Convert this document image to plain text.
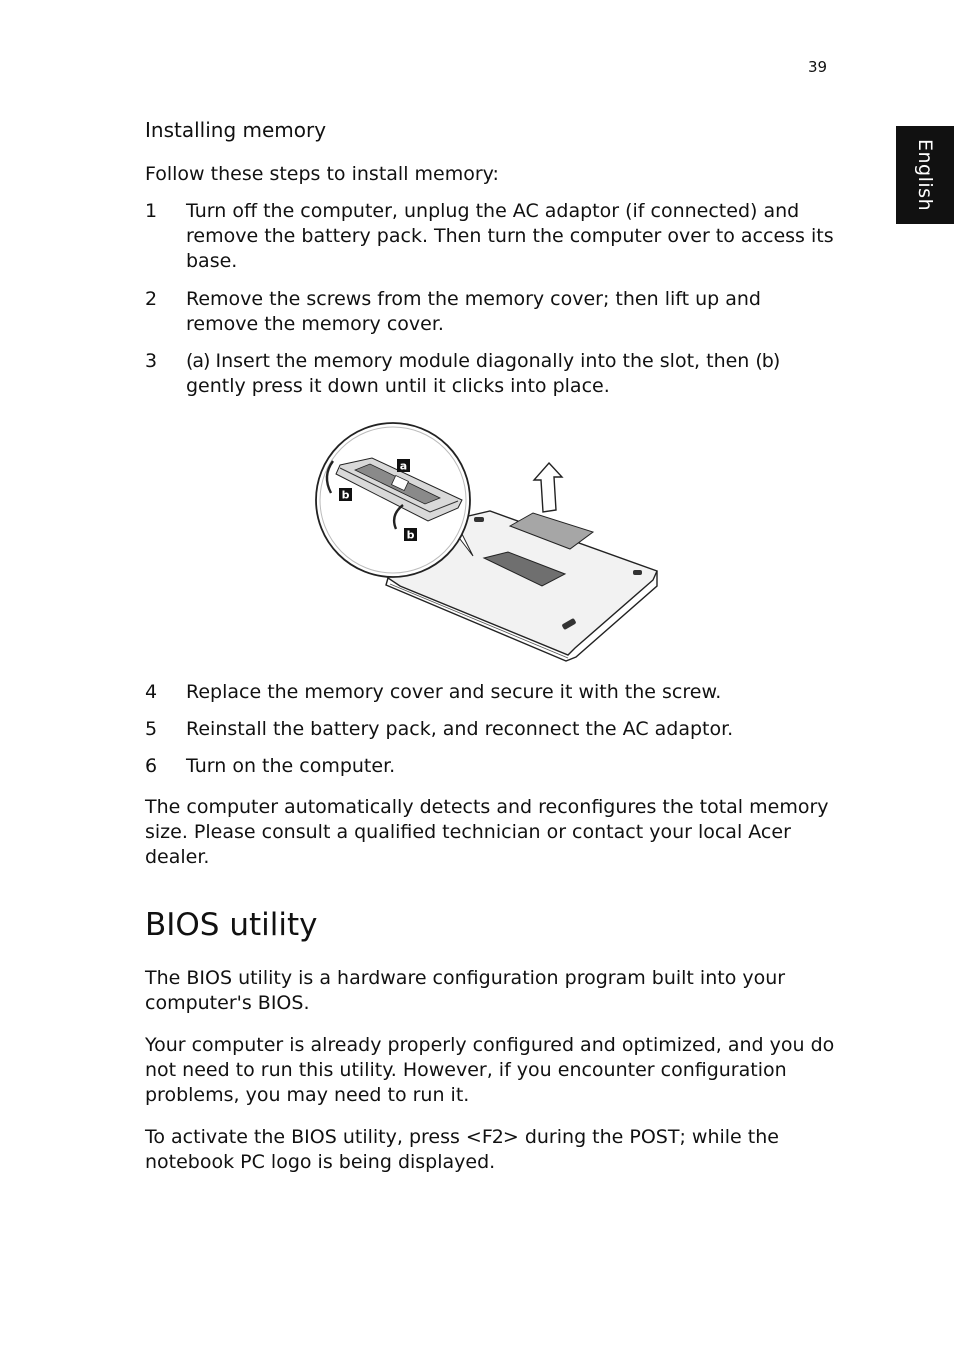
39
English
Installing memory

Follow these steps to install memory:

1 Turn off the computer, unplug the AC adaptor (if connected) and remove the battery pack. Then turn the computer over to access its base.
2 Remove the screws from the memory cover; then lift up and remove the memory cover.
3 (a) Insert the memory module diagonally into the slot, then (b) gently press it down until it clicks into place.
a
b
b
4 Replace the memory cover and secure it with the screw.
5 Reinstall the battery pack, and reconnect the AC adaptor.
6 Turn on the computer.

The computer automatically detects and reconfigures the total memory size. Please consult a qualified technician or contact your local Acer dealer.

BIOS utility

The BIOS utility is a hardware configuration program built into your computer's BIOS.

Your computer is already properly configured and optimized, and you do not need to run this utility. However, if you encounter configuration problems, you may need to run it.

To activate the BIOS utility, press <F2> during the POST; while the notebook PC logo is being displayed.
